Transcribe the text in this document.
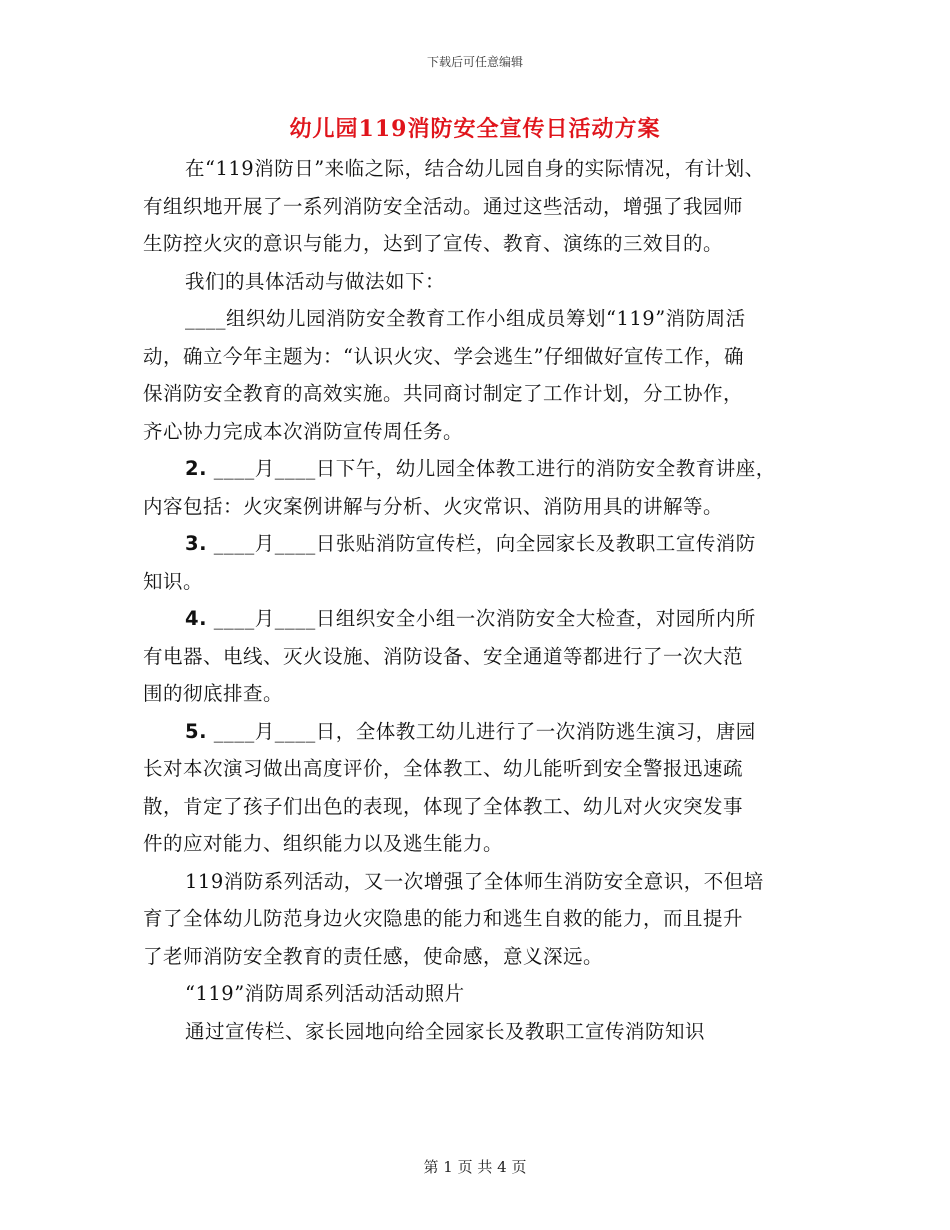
下载后可任意编辑
幼儿园119消防安全宣传日活动方案

在“119消防日”来临之际，结合幼儿园自身的实际情况，有计划、
有组织地开展了一系列消防安全活动。通过这些活动，增强了我园师
生防控火灾的意识与能力，达到了宣传、教育、演练的三效目的。

我们的具体活动与做法如下：

____组织幼儿园消防安全教育工作小组成员筹划“119”消防周活
动，确立今年主题为：“认识火灾、学会逃生”仔细做好宣传工作，确
保消防安全教育的高效实施。共同商讨制定了工作计划，分工协作，
齐心协力完成本次消防宣传周任务。

2. ____月____日下午，幼儿园全体教工进行的消防安全教育讲座，
内容包括：火灾案例讲解与分析、火灾常识、消防用具的讲解等。

3. ____月____日张贴消防宣传栏，向全园家长及教职工宣传消防
知识。

4. ____月____日组织安全小组一次消防安全大检查，对园所内所
有电器、电线、灭火设施、消防设备、安全通道等都进行了一次大范
围的彻底排查。

5. ____月____日，全体教工幼儿进行了一次消防逃生演习，唐园
长对本次演习做出高度评价，全体教工、幼儿能听到安全警报迅速疏
散，肯定了孩子们出色的表现，体现了全体教工、幼儿对火灾突发事
件的应对能力、组织能力以及逃生能力。

119消防系列活动，又一次增强了全体师生消防安全意识，不但培
育了全体幼儿防范身边火灾隐患的能力和逃生自救的能力，而且提升
了老师消防安全教育的责任感，使命感，意义深远。

“119”消防周系列活动活动照片

通过宣传栏、家长园地向给全园家长及教职工宣传消防知识

第 1 页 共 4 页
